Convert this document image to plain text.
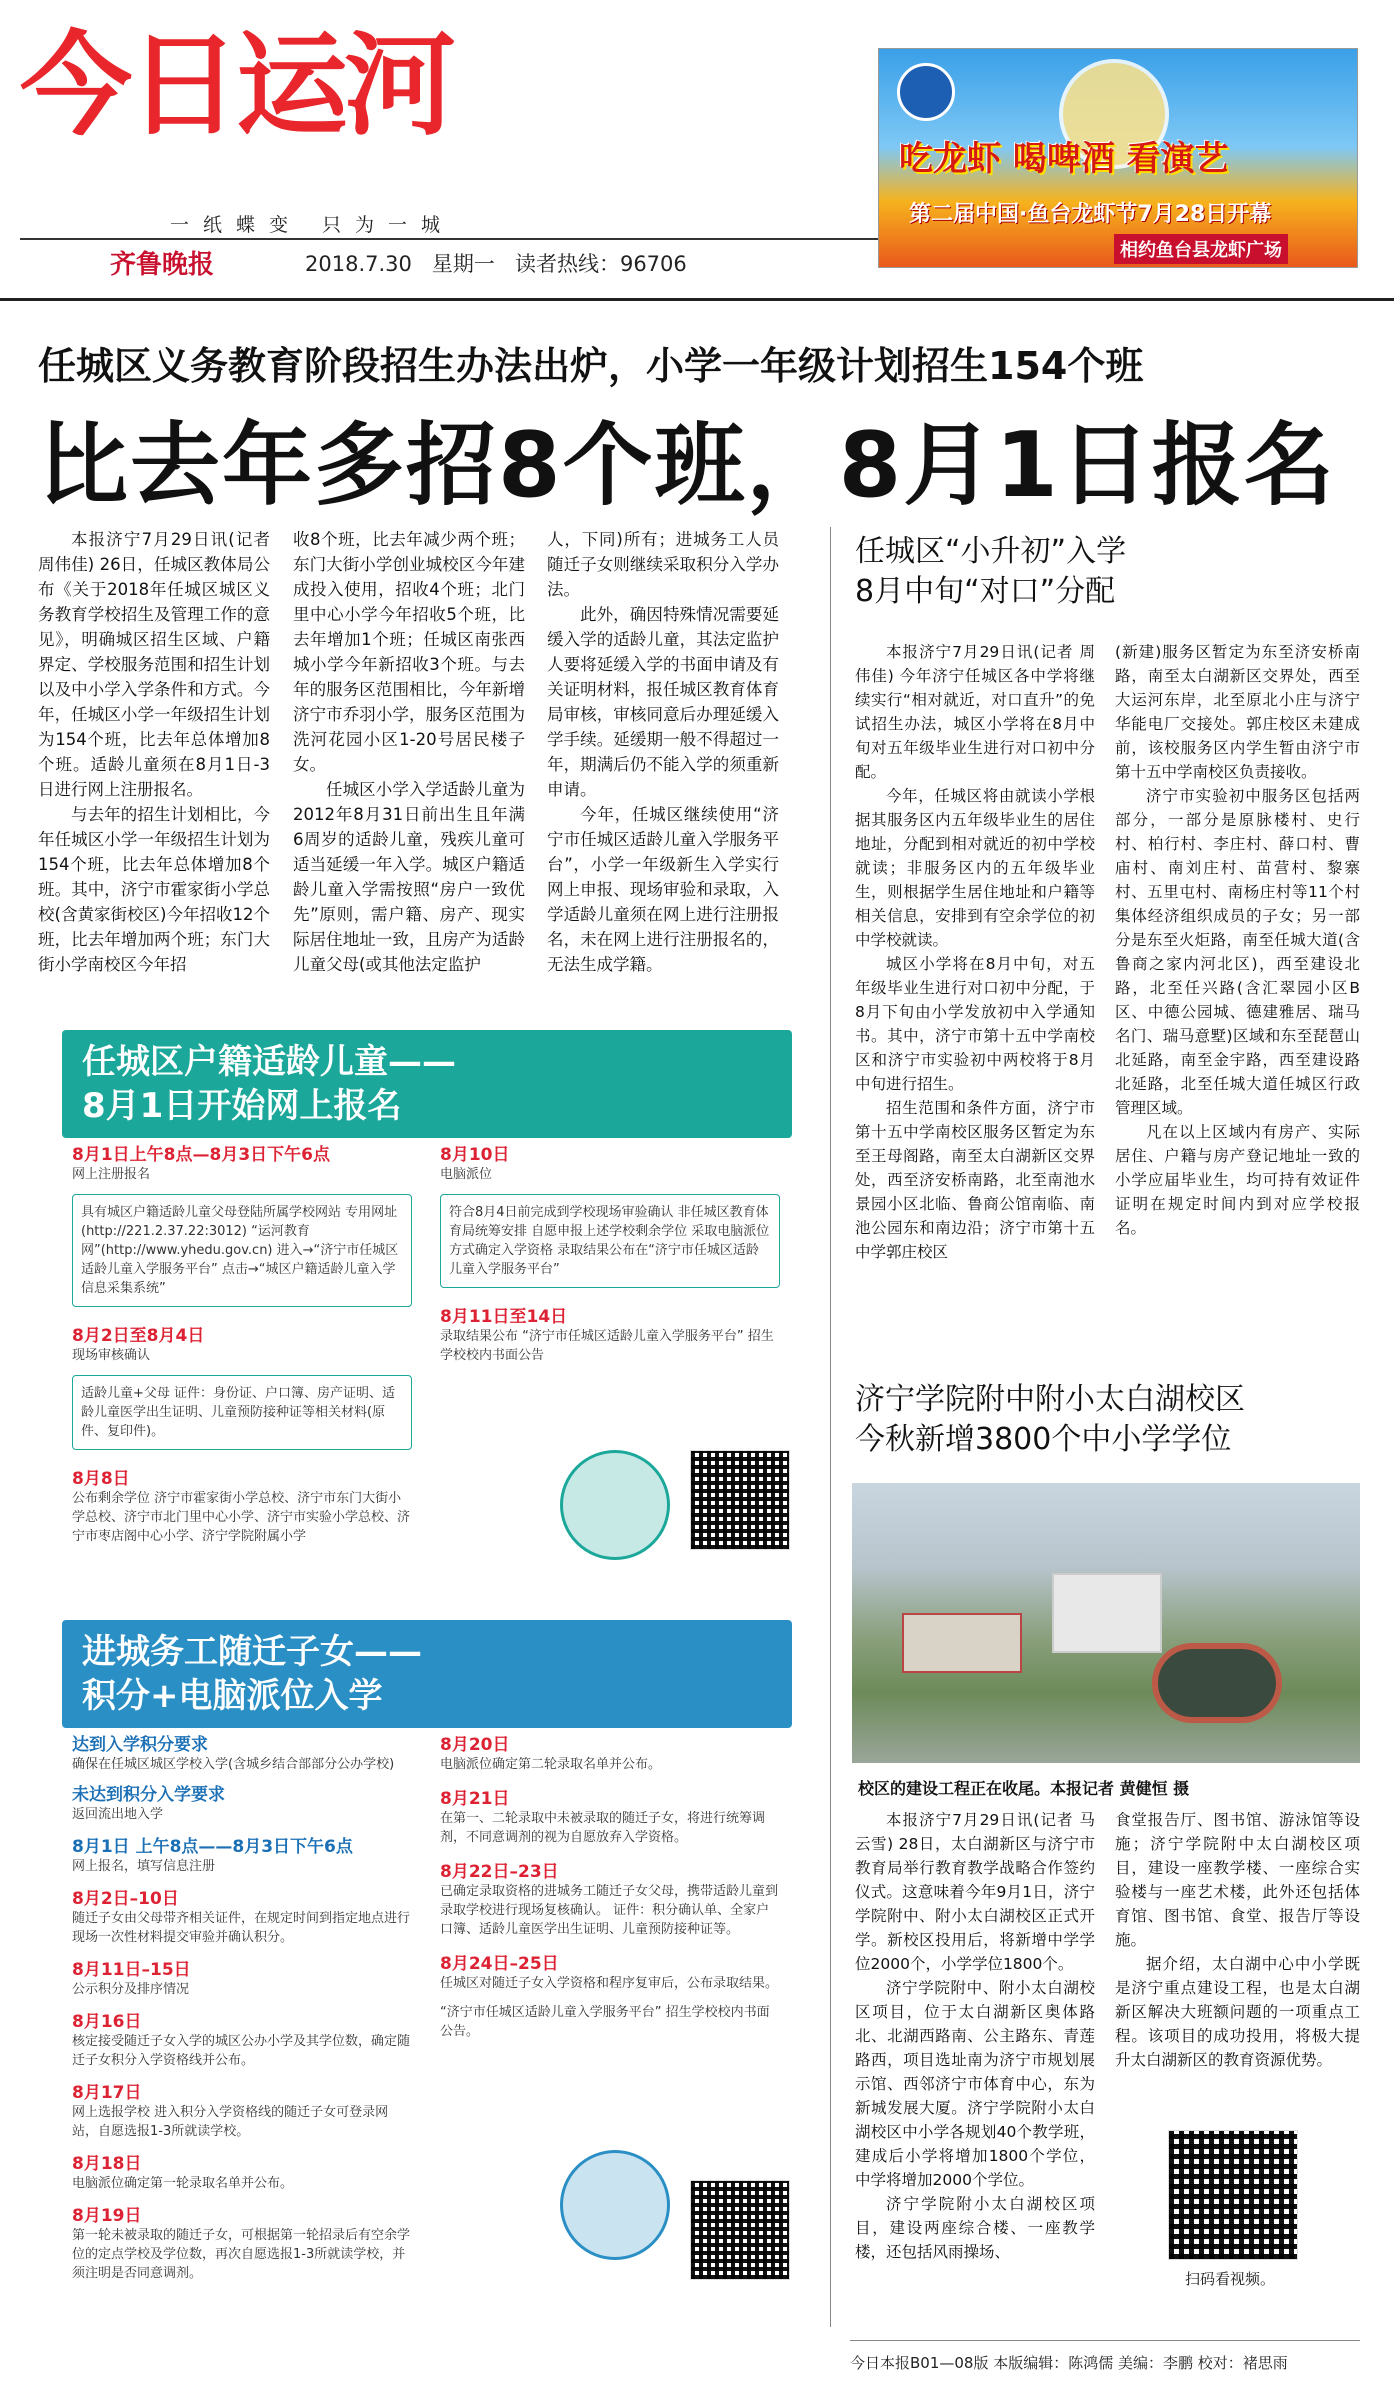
今日运河
一纸蝶变 只为一城
齐鲁晚报	2018.7.30 星期一 读者热线：96706
吃龙虾 喝啤酒 看演艺
第二届中国·鱼台龙虾节7月28日开幕
相约鱼台县龙虾广场
任城区义务教育阶段招生办法出炉，小学一年级计划招生154个班
比去年多招8个班，8月1日报名

本报济宁7月29日讯(记者 周伟佳) 26日，任城区教体局公布《关于2018年任城区城区义务教育学校招生及管理工作的意见》，明确城区招生区域、户籍界定、学校服务范围和招生计划以及中小学入学条件和方式。今年，任城区小学一年级招生计划为154个班，比去年总体增加8个班。适龄儿童须在8月1日-3日进行网上注册报名。

与去年的招生计划相比，今年任城区小学一年级招生计划为154个班，比去年总体增加8个班。其中，济宁市霍家街小学总校(含黄家街校区)今年招收12个班，比去年增加两个班；东门大街小学南校区今年招

收8个班，比去年减少两个班；东门大街小学创业城校区今年建成投入使用，招收4个班；北门里中心小学今年招收5个班，比去年增加1个班；任城区南张西城小学今年新招收3个班。与去年的服务区范围相比，今年新增济宁市乔羽小学，服务区范围为洗河花园小区1-20号居民楼子女。

任城区小学入学适龄儿童为2012年8月31日前出生且年满6周岁的适龄儿童，残疾儿童可适当延缓一年入学。城区户籍适龄儿童入学需按照“房户一致优先”原则，需户籍、房产、现实际居住地址一致，且房产为适龄儿童父母(或其他法定监护

人，下同)所有；进城务工人员随迁子女则继续采取积分入学办法。

此外，确因特殊情况需要延缓入学的适龄儿童，其法定监护人要将延缓入学的书面申请及有关证明材料，报任城区教育体育局审核，审核同意后办理延缓入学手续。延缓期一般不得超过一年，期满后仍不能入学的须重新申请。

今年，任城区继续使用“济宁市任城区适龄儿童入学服务平台”，小学一年级新生入学实行网上申报、现场审验和录取，入学适龄儿童须在网上进行注册报名，未在网上进行注册报名的，无法生成学籍。

任城区户籍适龄儿童——
8月1日开始网上报名
8月1日上午8点—8月3日下午6点
网上注册报名
具有城区户籍适龄儿童父母登陆所属学校网站 专用网址(http://221.2.37.22:3012) “运河教育网”(http://www.yhedu.gov.cn) 进入→“济宁市任城区适龄儿童入学服务平台” 点击→“城区户籍适龄儿童入学信息采集系统”
8月2日至8月4日
现场审核确认
适龄儿童+父母 证件：身份证、户口簿、房产证明、适龄儿童医学出生证明、儿童预防接种证等相关材料(原件、复印件)。
8月8日
公布剩余学位 济宁市霍家街小学总校、济宁市东门大街小学总校、济宁市北门里中心小学、济宁市实验小学总校、济宁市枣店阁中心小学、济宁学院附属小学
8月10日
电脑派位
符合8月4日前完成到学校现场审验确认 非任城区教育体育局统筹安排 自愿申报上述学校剩余学位 采取电脑派位方式确定入学资格 录取结果公布在“济宁市任城区适龄儿童入学服务平台”
8月11日至14日
录取结果公布 “济宁市任城区适龄儿童入学服务平台” 招生学校校内书面公告
进城务工随迁子女——
积分+电脑派位入学
达到入学积分要求
确保在任城区城区学校入学(含城乡结合部部分公办学校)
未达到积分入学要求
返回流出地入学
8月1日 上午8点——8月3日下午6点
网上报名，填写信息注册
8月2日–10日
随迁子女由父母带齐相关证件，在规定时间到指定地点进行现场一次性材料提交审验并确认积分。
8月11日–15日
公示积分及排序情况
8月16日
核定接受随迁子女入学的城区公办小学及其学位数，确定随迁子女积分入学资格线并公布。
8月17日
网上选报学校 进入积分入学资格线的随迁子女可登录网站，自愿选报1-3所就读学校。
8月18日
电脑派位确定第一轮录取名单并公布。
8月19日
第一轮未被录取的随迁子女，可根据第一轮招录后有空余学位的定点学校及学位数，再次自愿选报1-3所就读学校，并须注明是否同意调剂。
8月20日
电脑派位确定第二轮录取名单并公布。
8月21日
在第一、二轮录取中未被录取的随迁子女，将进行统筹调剂，不同意调剂的视为自愿放弃入学资格。
8月22日–23日
已确定录取资格的进城务工随迁子女父母，携带适龄儿童到录取学校进行现场复核确认。 证件：积分确认单、全家户口簿、适龄儿童医学出生证明、儿童预防接种证等。
8月24日–25日
任城区对随迁子女入学资格和程序复审后，公布录取结果。
“济宁市任城区适龄儿童入学服务平台” 招生学校校内书面公告。
任城区“小升初”入学
8月中旬“对口”分配

本报济宁7月29日讯(记者 周伟佳) 今年济宁任城区各中学将继续实行“相对就近，对口直升”的免试招生办法，城区小学将在8月中旬对五年级毕业生进行对口初中分配。

今年，任城区将由就读小学根据其服务区内五年级毕业生的居住地址，分配到相对就近的初中学校就读；非服务区内的五年级毕业生，则根据学生居住地址和户籍等相关信息，安排到有空余学位的初中学校就读。

城区小学将在8月中旬，对五年级毕业生进行对口初中分配，于8月下旬由小学发放初中入学通知书。其中，济宁市第十五中学南校区和济宁市实验初中两校将于8月中旬进行招生。

招生范围和条件方面，济宁市第十五中学南校区服务区暂定为东至王母阁路，南至太白湖新区交界处，西至济安桥南路，北至南池水景园小区北临、鲁商公馆南临、南池公园东和南边沿；济宁市第十五中学郭庄校区

(新建)服务区暂定为东至济安桥南路，南至太白湖新区交界处，西至大运河东岸，北至原北小庄与济宁华能电厂交接处。郭庄校区未建成前，该校服务区内学生暂由济宁市第十五中学南校区负责接收。

济宁市实验初中服务区包括两部分，一部分是原脉楼村、史行村、柏行村、李庄村、薛口村、曹庙村、南刘庄村、苗营村、黎寨村、五里屯村、南杨庄村等11个村集体经济组织成员的子女；另一部分是东至火炬路，南至任城大道(含鲁商之家内河北区)，西至建设北路，北至任兴路(含汇翠园小区B区、中德公园城、德建雅居、瑞马名门、瑞马意墅)区域和东至琵琶山北延路，南至金宇路，西至建设路北延路，北至任城大道任城区行政管理区域。

凡在以上区域内有房产、实际居住、户籍与房产登记地址一致的小学应届毕业生，均可持有效证件证明在规定时间内到对应学校报名。

济宁学院附中附小太白湖校区
今秋新增3800个中小学学位
校区的建设工程正在收尾。本报记者 黄健恒 摄

本报济宁7月29日讯(记者 马云雪) 28日，太白湖新区与济宁市教育局举行教育教学战略合作签约仪式。这意味着今年9月1日，济宁学院附中、附小太白湖校区正式开学。新校区投用后，将新增中学学位2000个，小学学位1800个。

济宁学院附中、附小太白湖校区项目，位于太白湖新区奥体路北、北湖西路南、公主路东、青莲路西，项目选址南为济宁市规划展示馆、西邻济宁市体育中心，东为新城发展大厦。济宁学院附小太白湖校区中小学各规划40个教学班，建成后小学将增加1800个学位，中学将增加2000个学位。

济宁学院附小太白湖校区项目，建设两座综合楼、一座教学楼，还包括风雨操场、

食堂报告厅、图书馆、游泳馆等设施；济宁学院附中太白湖校区项目，建设一座教学楼、一座综合实验楼与一座艺术楼，此外还包括体育馆、图书馆、食堂、报告厅等设施。

据介绍，太白湖中心中小学既是济宁重点建设工程，也是太白湖新区解决大班额问题的一项重点工程。该项目的成功投用，将极大提升太白湖新区的教育资源优势。

扫码看视频。
今日本报B01—08版 本版编辑：陈鸿儒 美编：李鹏 校对：褚思雨
